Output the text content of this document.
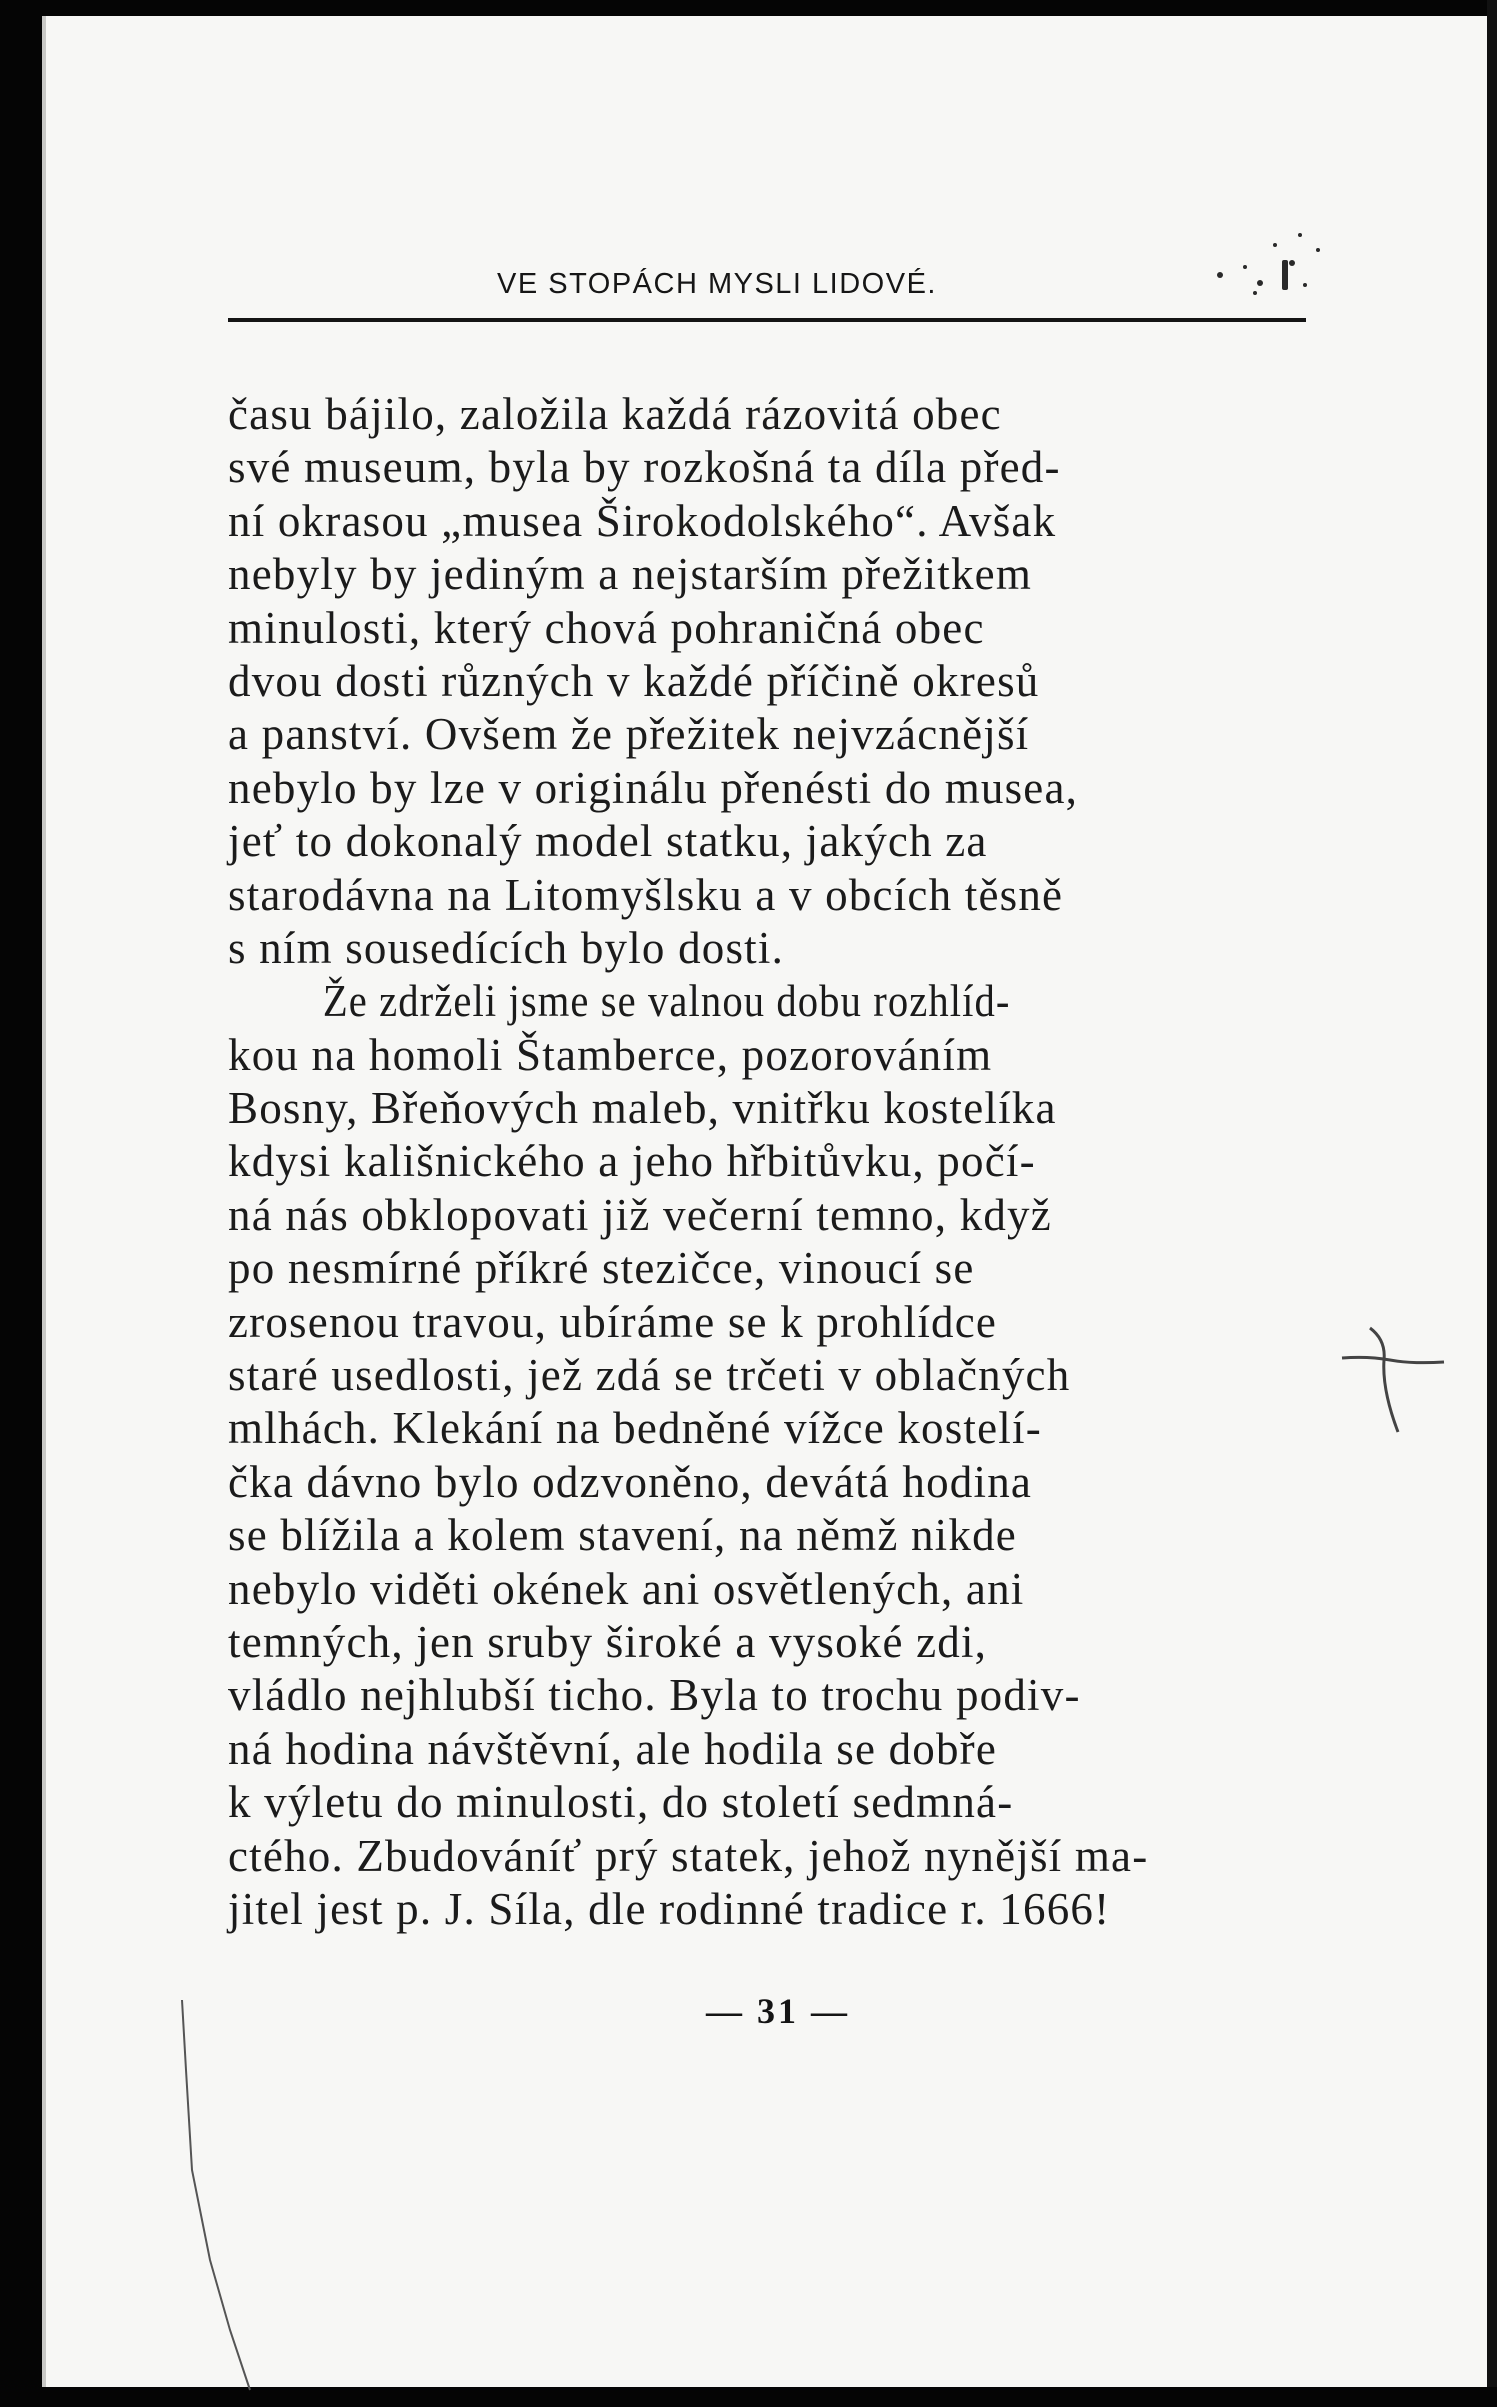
VE STOPÁCH MYSLI LIDOVÉ.
času bájilo, založila každá rázovitá obec
své museum, byla by rozkošná ta díla před-
ní okrasou „musea Širokodolského“. Avšak
nebyly by jediným a nejstarším přežitkem
minulosti, který chová pohraničná obec
dvou dosti různých v každé příčině okresů
a panství. Ovšem že přežitek nejvzácnější
nebylo by lze v originálu přenésti do musea,
jeť to dokonalý model statku, jakých za
starodávna na Litomyšlsku a v obcích těsně
s ním sousedících bylo dosti.
Že zdrželi jsme se valnou dobu rozhlíd-
kou na homoli Štamberce, pozorováním
Bosny, Břeňových maleb, vnitřku kostelíka
kdysi kališnického a jeho hřbitůvku, počí-
ná nás obklopovati již večerní temno, když
po nesmírné příkré stezičce, vinoucí se
zrosenou travou, ubíráme se k prohlídce
staré usedlosti, jež zdá se trčeti v oblačných
mlhách. Klekání na bedněné vížce kostelí-
čka dávno bylo odzvoněno, devátá hodina
se blížila a kolem stavení, na němž nikde
nebylo viděti okének ani osvětlených, ani
temných, jen sruby široké a vysoké zdi,
vládlo nejhlubší ticho. Byla to trochu podiv-
ná hodina návštěvní, ale hodila se dobře
k výletu do minulosti, do století sedmná-
ctého. Zbudováníť prý statek, jehož nynější ma-
jitel jest p. J. Síla, dle rodinné tradice r. 1666!
— 31 —
